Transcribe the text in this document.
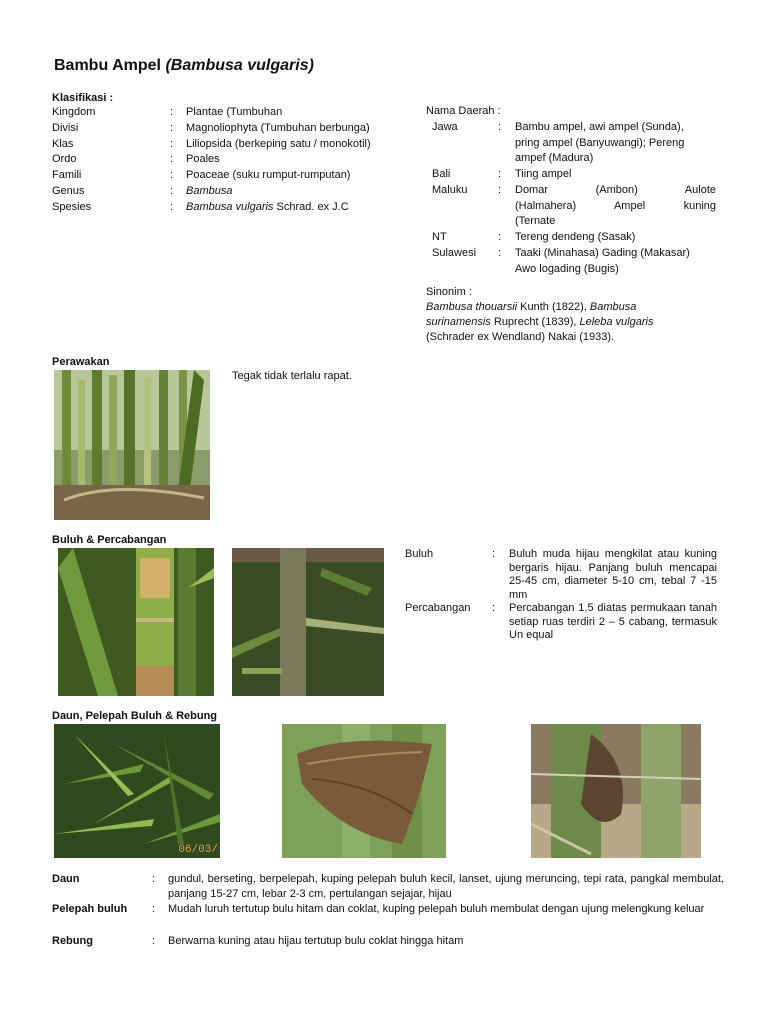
Bambu Ampel (Bambusa vulgaris)
Klasifikasi :
Kingdom	: Plantae (Tumbuhan
Divisi	: Magnoliophyta (Tumbuhan berbunga)
Klas	: Liliopsida (berkeping satu / monokotil)
Ordo	: Poales
Famili	: Poaceae (suku rumput-rumputan)
Genus	: Bambusa
Spesies	: Bambusa vulgaris Schrad. ex J.C
Nama Daerah :
Jawa	: Bambu ampel, awi ampel (Sunda),
pring ampel (Banyuwangi); Pereng
ampef (Madura)
Bali	: Tiing ampel
Maluku	: Domar (Ambon) Aulote
(Halmahera) Ampel kuning
(Ternate
NT	: Tereng dendeng (Sasak)
Sulawesi : Taaki (Minahasa) Gading (Makasar)
Awo logading (Bugis)
Sinonim :
Bambusa thouarsii Kunth (1822), Bambusa
surinamensis Ruprecht (1839), Leleba vulgaris
(Schrader ex Wendland) Nakai (1933).
Perawakan
Tegak tidak terlalu rapat.
Buluh & Percabangan
Buluh	: Buluh muda hijau mengkilat atau kuning bergaris hijau. Panjang buluh mencapai 25-45 cm, diameter 5-10 cm, tebal 7 -15 mm
Percabangan : Percabangan 1,5 diatas permukaan tanah setiap ruas terdiri 2 – 5 cabang, termasuk Un equal
Daun, Pelepah Buluh & Rebung
06/03/
Daun	: gundul, berseting, berpelepah, kuping pelepah buluh kecil, lanset, ujung meruncing, tepi rata, pangkal membulat, panjang 15-27 cm, lebar 2-3 cm, pertulangan sejajar, hijau
Pelepah buluh : Mudah luruh tertutup bulu hitam dan coklat, kuping pelepah buluh membulat dengan ujung melengkung keluar
Rebung	: Berwarna kuning atau hijau tertutup bulu coklat hingga hitam
